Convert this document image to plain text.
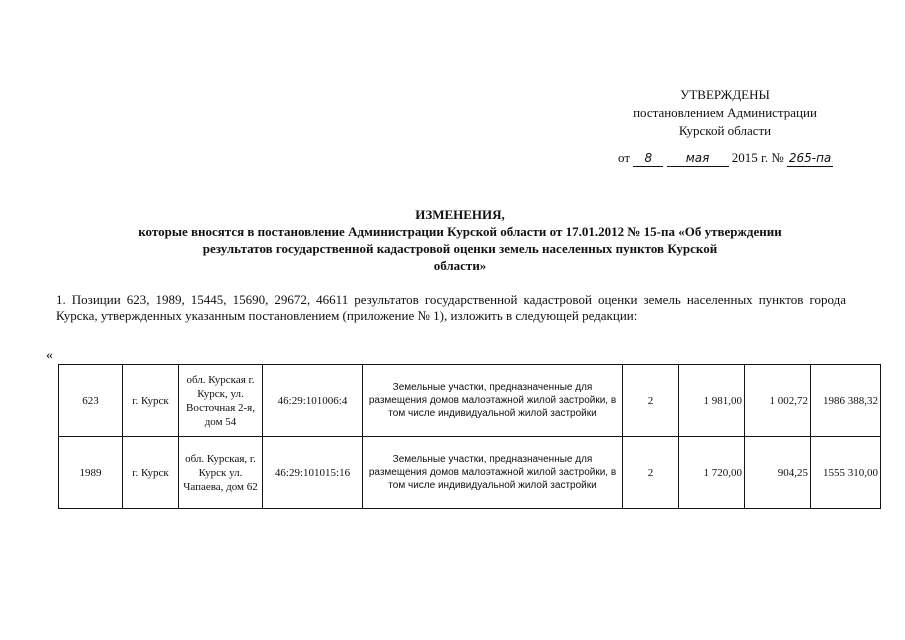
УТВЕРЖДЕНЫ
постановлением Администрации
Курской области
от 8	мая 2015 г. № 265-па
ИЗМЕНЕНИЯ,
которые вносятся в постановление Администрации Курской области от 17.01.2012 № 15-па «Об утверждении
результатов государственной кадастровой оценки земель населенных пунктов Курской
области»
1. Позиции 623, 1989, 15445, 15690, 29672, 46611 результатов государственной кадастровой оценки земель населенных пунктов города Курска, утвержденных указанным постановлением (приложение № 1), изложить в следующей редакции:
«
623	г. Курск	обл. Курская г. Курск, ул. Восточная 2-я, дом 54	46:29:101006:4	Земельные участки, предназначенные для размещения домов малоэтажной жилой застройки, в том числе индивидуальной жилой застройки	2	1 981,00	1 002,72	1986 388,32
1989	г. Курск	обл. Курская, г. Курск ул. Чапаева, дом 62	46:29:101015:16	Земельные участки, предназначенные для размещения домов малоэтажной жилой застройки, в том числе индивидуальной жилой застройки	2	1 720,00	904,25	1555 310,00
